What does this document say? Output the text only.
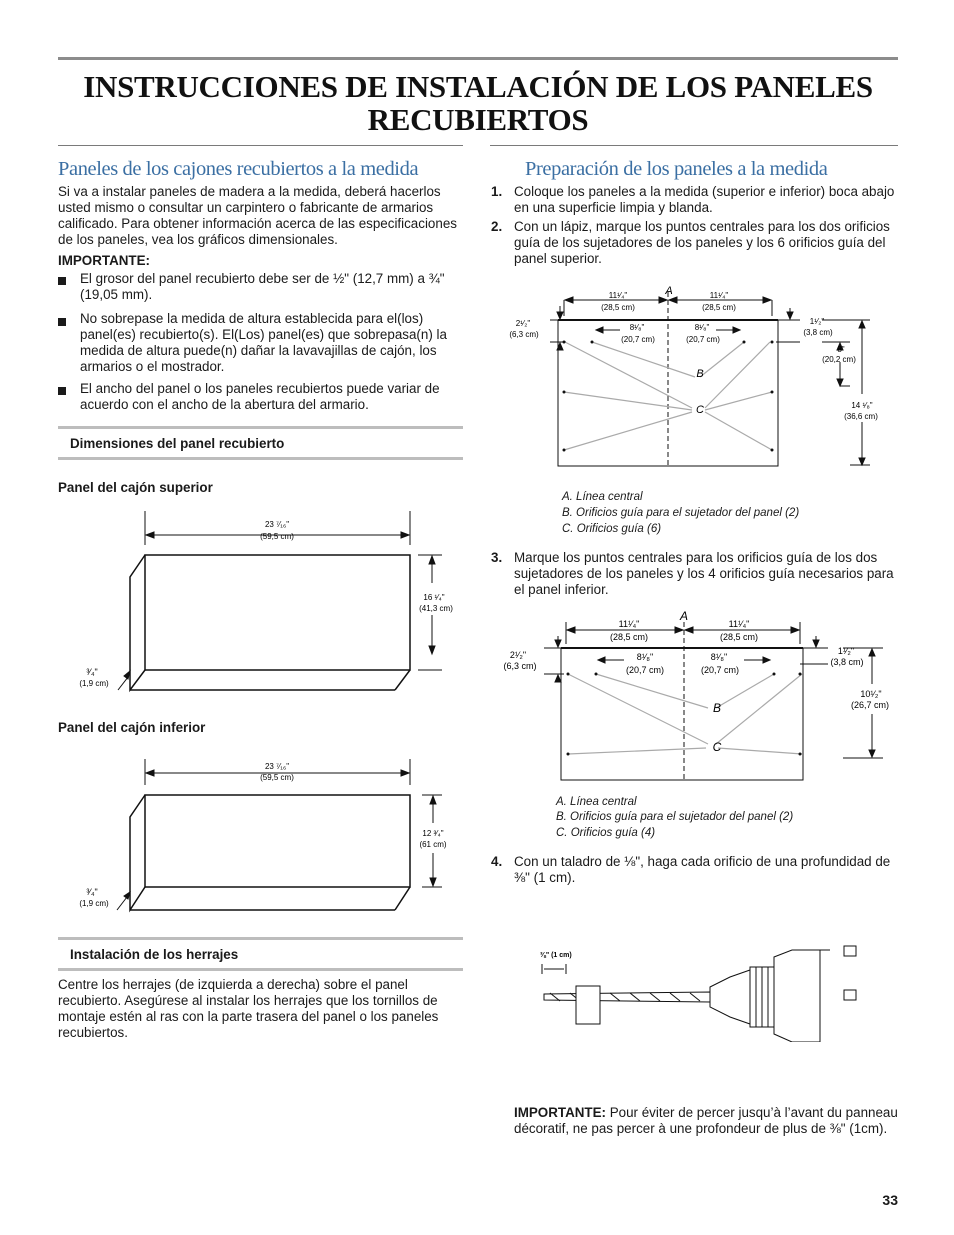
INSTRUCCIONES DE INSTALACIÓN DE LOS PANELES RECUBIERTOS
Paneles de los cajones recubiertos a la medida
Si va a instalar paneles de madera a la medida, deberá hacerlos usted mismo o consultar un carpintero o fabricante de armarios calificado. Para obtener información acerca de las especificaciones de los paneles, vea los gráficos dimensionales.
IMPORTANTE:
El grosor del panel recubierto debe ser de ½" (12,7 mm) a ¾" (19,05 mm).
No sobrepase la medida de altura establecida para el(los) panel(es) recubierto(s). El(Los) panel(es) que sobrepasa(n) la medida de altura puede(n) dañar la lavavajillas de cajón, los armarios o el mostrador.
El ancho del panel o los paneles recubiertos puede variar de acuerdo con el ancho de la abertura del armario.
Dimensiones del panel recubierto
Panel del cajón superior
23 ⁷⁄₁₆"
(59,5 cm)
16 ¹⁄₄"
(41,3 cm)
³⁄₄"
(1,9 cm)
Panel del cajón inferior
23 ⁷⁄₁₆"
(59,5 cm)
12 ³⁄₄"
(61 cm)
³⁄₄"
(1,9 cm)
Instalación de los herrajes
Centre los herrajes (de izquierda a derecha) sobre el panel recubierto. Asegúrese al instalar los herrajes que los tornillos de montaje estén al ras con la parte trasera del panel o los paneles recubiertos.
Preparación de los paneles a la medida
1. Coloque los paneles a la medida (superior e inferior) boca abajo en una superficie limpia y blanda.
2. Con un lápiz, marque los puntos centrales para los dos orificios guía de los sujetadores de los paneles y los 6 orificios guía del panel superior.
11¹⁄₄"
(28,5 cm)
11¹⁄₄"
(28,5 cm)
A
8¹⁄₈"
(20,7 cm)
8¹⁄₈"
(20,7 cm)
2¹⁄₂"
(6,3 cm)
1¹⁄₂"
(3,8 cm)
8"
(20,2 cm)
14 ¹⁄₈"
(36,6 cm)
B
C
A. Línea central
B. Orificios guía para el sujetador del panel (2)
C. Orificios guía (6)
3. Marque los puntos centrales para los orificios guía de los dos sujetadores de los paneles y los 4 orificios guía necesarios para el panel inferior.
11¹⁄₄"
(28,5 cm)
11¹⁄₄"
(28,5 cm)
A
8¹⁄₈"
(20,7 cm)
8¹⁄₈"
(20,7 cm)
2¹⁄₂"
(6,3 cm)
1¹⁄₂"
(3,8 cm)
10¹⁄₂"
(26,7 cm)
B
C
A. Línea central
B. Orificios guía para el sujetador del panel (2)
C. Orificios guía (4)
4. Con un taladro de ⅛", haga cada orificio de una profundidad de ⅜" (1 cm).
⅜" (1 cm)
IMPORTANTE: Pour éviter de percer jusqu’à l’avant du panneau décoratif, ne pas percer à une profondeur de plus de ⅜" (1cm).
33
